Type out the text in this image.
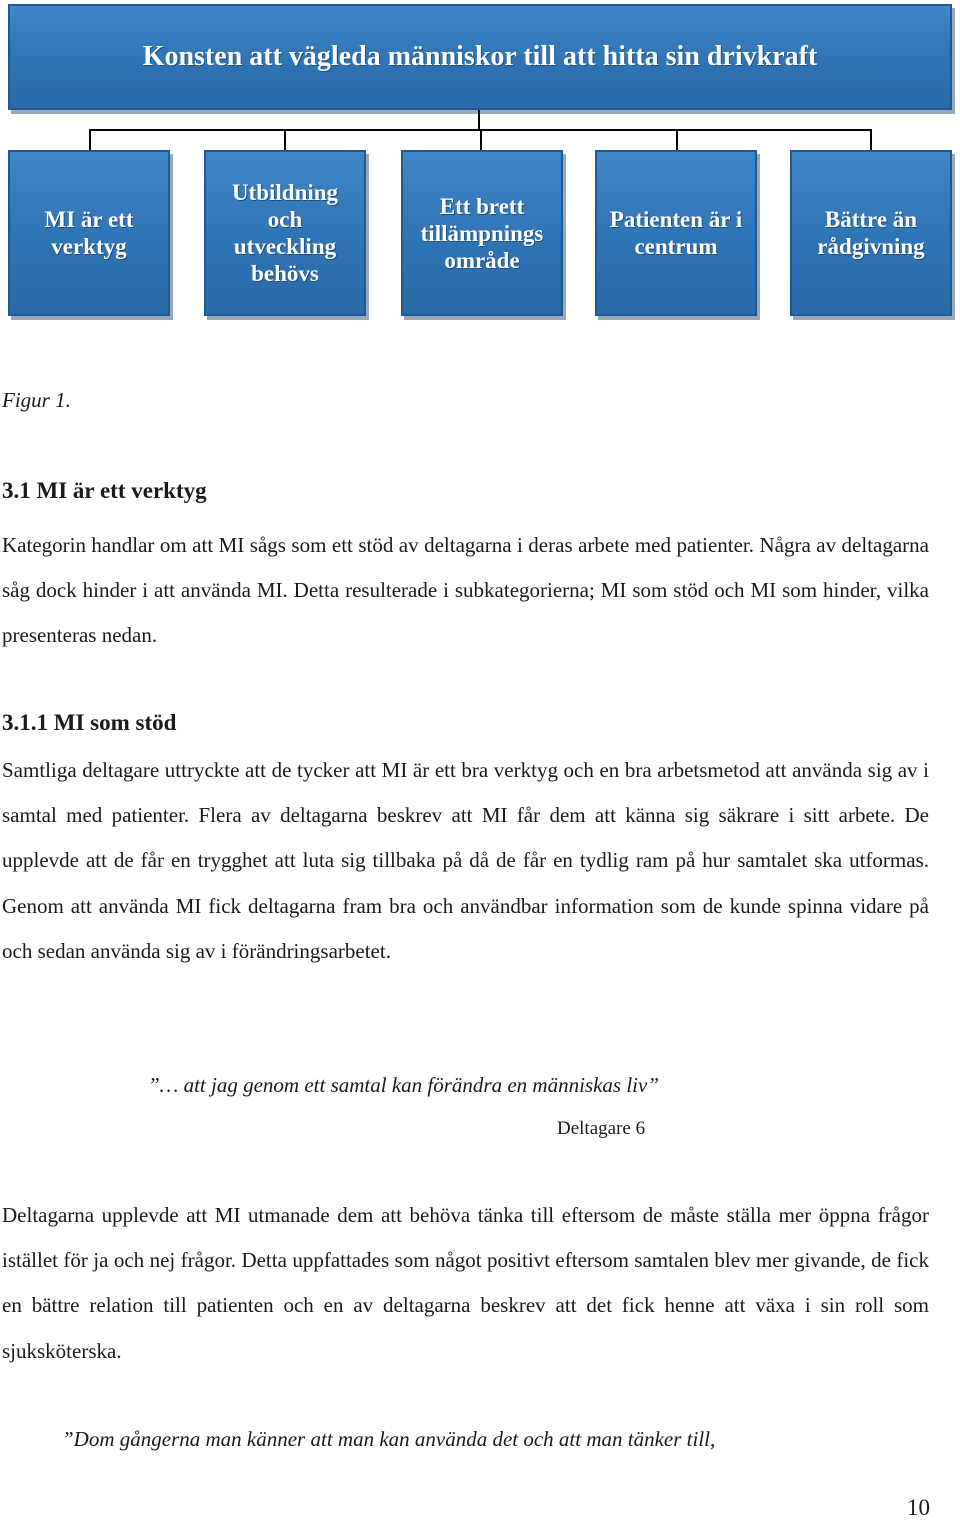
Konsten att vägleda människor till att hitta sin drivkraft
MI är ett
verktyg
Utbildning
och
utveckling
behövs
Ett brett
tillämpnings
område
Patienten är i
centrum
Bättre än
rådgivning

Figur 1.

3.1 MI är ett verktyg

Kategorin handlar om att MI sågs som ett stöd av deltagarna i deras arbete med patienter. Några av deltagarna såg dock hinder i att använda MI. Detta resulterade i subkategorierna; MI som stöd och MI som hinder, vilka presenteras nedan.

3.1.1 MI som stöd

Samtliga deltagare uttryckte att de tycker att MI är ett bra verktyg och en bra arbetsmetod att använda sig av i samtal med patienter. Flera av deltagarna beskrev att MI får dem att känna sig säkrare i sitt arbete. De upplevde att de får en trygghet att luta sig tillbaka på då de får en tydlig ram på hur samtalet ska utformas. Genom att använda MI fick deltagarna fram bra och användbar information som de kunde spinna vidare på och sedan använda sig av i förändringsarbetet.

”… att jag genom ett samtal kan förändra en människas liv”

Deltagare 6

Deltagarna upplevde att MI utmanade dem att behöva tänka till eftersom de måste ställa mer öppna frågor istället för ja och nej frågor. Detta uppfattades som något positivt eftersom samtalen blev mer givande, de fick en bättre relation till patienten och en av deltagarna beskrev att det fick henne att växa i sin roll som sjuksköterska.

”Dom gångerna man känner att man kan använda det och att man tänker till,

10
